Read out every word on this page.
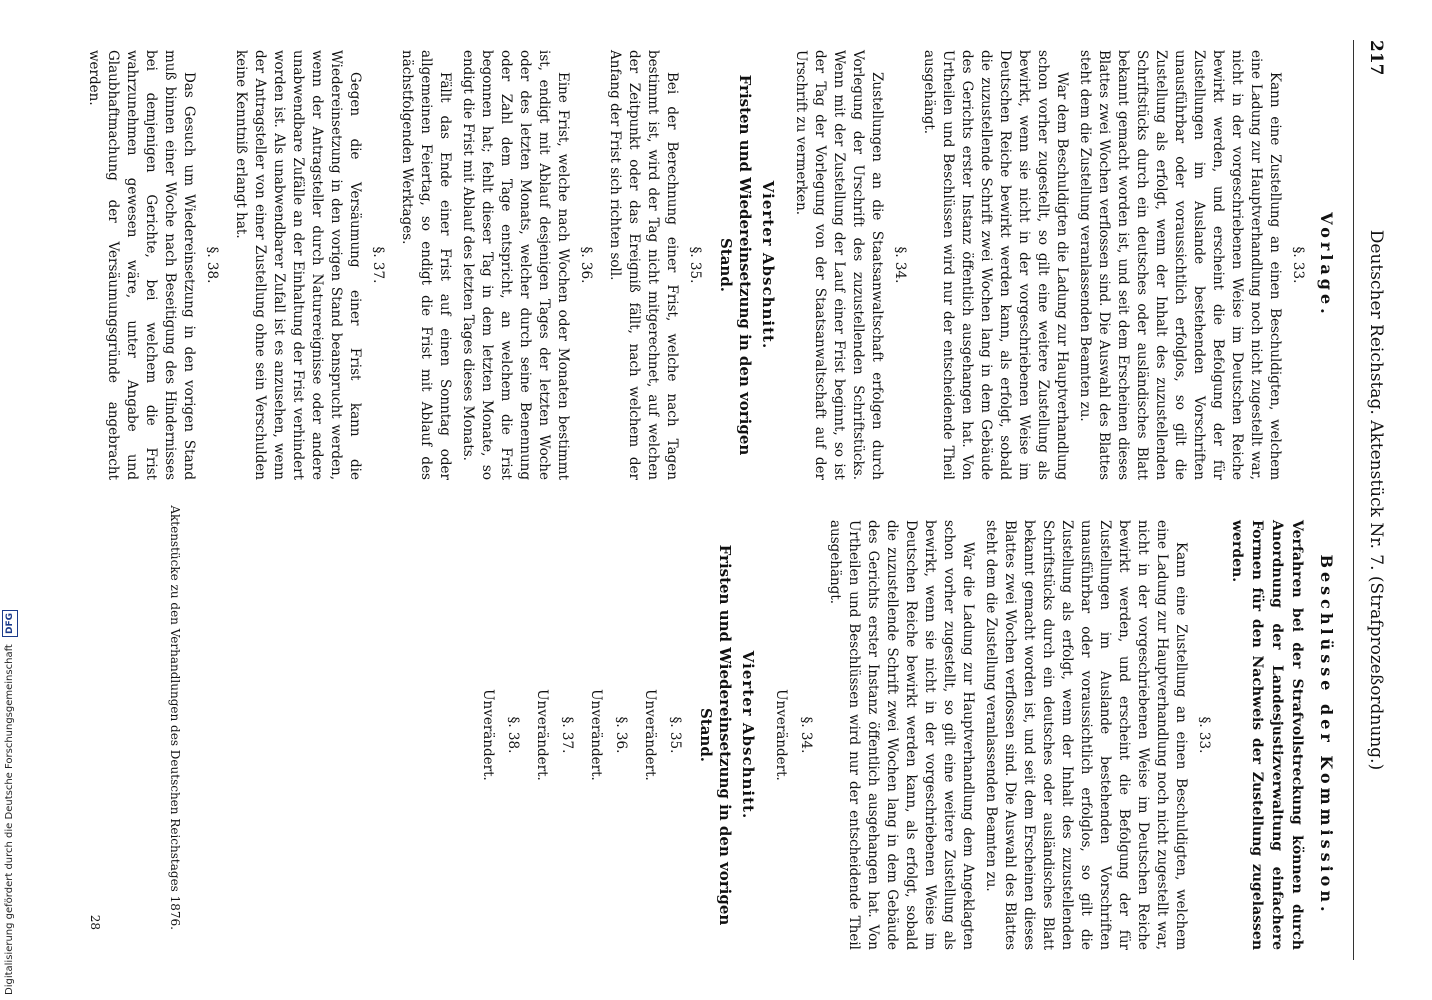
217
Deutscher Reichstag. Aktenstück Nr. 7. (Strafprozeßordnung.)
Vorlage.
§. 33.

Kann eine Zustellung an einen Beschuldigten, welchem eine Ladung zur Hauptverhandlung noch nicht zugestellt war, nicht in der vorgeschriebenen Weise im Deutschen Reiche bewirkt werden, und erscheint die Befolgung der für Zustellungen im Auslande bestehenden Vorschriften unausführbar oder voraussichtlich erfolglos, so gilt die Zustellung als erfolgt, wenn der Inhalt des zuzustellenden Schriftstücks durch ein deutsches oder ausländisches Blatt bekannt gemacht worden ist, und seit dem Erscheinen dieses Blattes zwei Wochen verflossen sind. Die Auswahl des Blattes steht dem die Zustellung veranlassenden Beamten zu.

War dem Beschuldigten die Ladung zur Hauptverhandlung schon vorher zugestellt, so gilt eine weitere Zustellung als bewirkt, wenn sie nicht in der vorgeschriebenen Weise im Deutschen Reiche bewirkt werden kann, als erfolgt, sobald die zuzustellende Schrift zwei Wochen lang in dem Gebäude des Gerichts erster Instanz öffentlich ausgehangen hat. Von Urtheilen und Beschlüssen wird nur der entscheidende Theil ausgehängt.

§. 34.

Zustellungen an die Staatsanwaltschaft erfolgen durch Vorlegung der Urschrift des zuzustellenden Schriftstücks. Wenn mit der Zustellung der Lauf einer Frist beginnt, so ist der Tag der Vorlegung von der Staatsanwaltschaft auf der Urschrift zu vermerken.

Vierter Abschnitt.
Fristen und Wiedereinsetzung in den vorigen Stand.
§. 35.

Bei der Berechnung einer Frist, welche nach Tagen bestimmt ist, wird der Tag nicht mitgerechnet, auf welchen der Zeitpunkt oder das Ereigniß fällt, nach welchem der Anfang der Frist sich richten soll.

§. 36.

Eine Frist, welche nach Wochen oder Monaten bestimmt ist, endigt mit Ablauf desjenigen Tages der letzten Woche oder des letzten Monats, welcher durch seine Benennung oder Zahl dem Tage entspricht, an welchem die Frist begonnen hat; fehlt dieser Tag in dem letzten Monate, so endigt die Frist mit Ablauf des letzten Tages dieses Monats.

Fällt das Ende einer Frist auf einen Sonntag oder allgemeinen Feiertag, so endigt die Frist mit Ablauf des nächstfolgenden Werktages.

§. 37.

Gegen die Versäumung einer Frist kann die Wiedereinsetzung in den vorigen Stand beansprucht werden, wenn der Antragsteller durch Naturereignisse oder andere unabwendbare Zufälle an der Einhaltung der Frist verhindert worden ist. Als unabwendbarer Zufall ist es anzusehen, wenn der Antragsteller von einer Zustellung ohne sein Verschulden keine Kenntniß erlangt hat.

§. 38.

Das Gesuch um Wiedereinsetzung in den vorigen Stand muß binnen einer Woche nach Beseitigung des Hindernisses bei demjenigen Gerichte, bei welchem die Frist wahrzunehmen gewesen wäre, unter Angabe und Glaubhaftmachung der Versäumungsgründe angebracht werden.

Beschlüsse der Kommission.

Verfahren bei der Strafvollstreckung können durch Anordnung der Landesjustizverwaltung einfachere Formen für den Nachweis der Zustellung zugelassen werden.

§. 33.

Kann eine Zustellung an einen Beschuldigten, welchem eine Ladung zur Hauptverhandlung noch nicht zugestellt war, nicht in der vorgeschriebenen Weise im Deutschen Reiche bewirkt werden, und erscheint die Befolgung der für Zustellungen im Auslande bestehenden Vorschriften unausführbar oder voraussichtlich erfolglos, so gilt die Zustellung als erfolgt, wenn der Inhalt des zuzustellenden Schriftstücks durch ein deutsches oder ausländisches Blatt bekannt gemacht worden ist, und seit dem Erscheinen dieses Blattes zwei Wochen verflossen sind. Die Auswahl des Blattes steht dem die Zustellung veranlassenden Beamten zu.

War die Ladung zur Hauptverhandlung dem Angeklagten schon vorher zugestellt, so gilt eine weitere Zustellung als bewirkt, wenn sie nicht in der vorgeschriebenen Weise im Deutschen Reiche bewirkt werden kann, als erfolgt, sobald die zuzustellende Schrift zwei Wochen lang in dem Gebäude des Gerichts erster Instanz öffentlich ausgehangen hat. Von Urtheilen und Beschlüssen wird nur der entscheidende Theil ausgehängt.

§. 34.
Unverändert.
Vierter Abschnitt.
Fristen und Wiedereinsetzung in den vorigen Stand.
§. 35.
Unverändert.
§. 36.
Unverändert.
§. 37.
Unverändert.
§. 38.
Unverändert.
Aktenstücke zu den Verhandlungen des Deutschen Reichstages 1876.
28
Digitalisierung gefördert durch die Deutsche Forschungsgemeinschaft DFG
